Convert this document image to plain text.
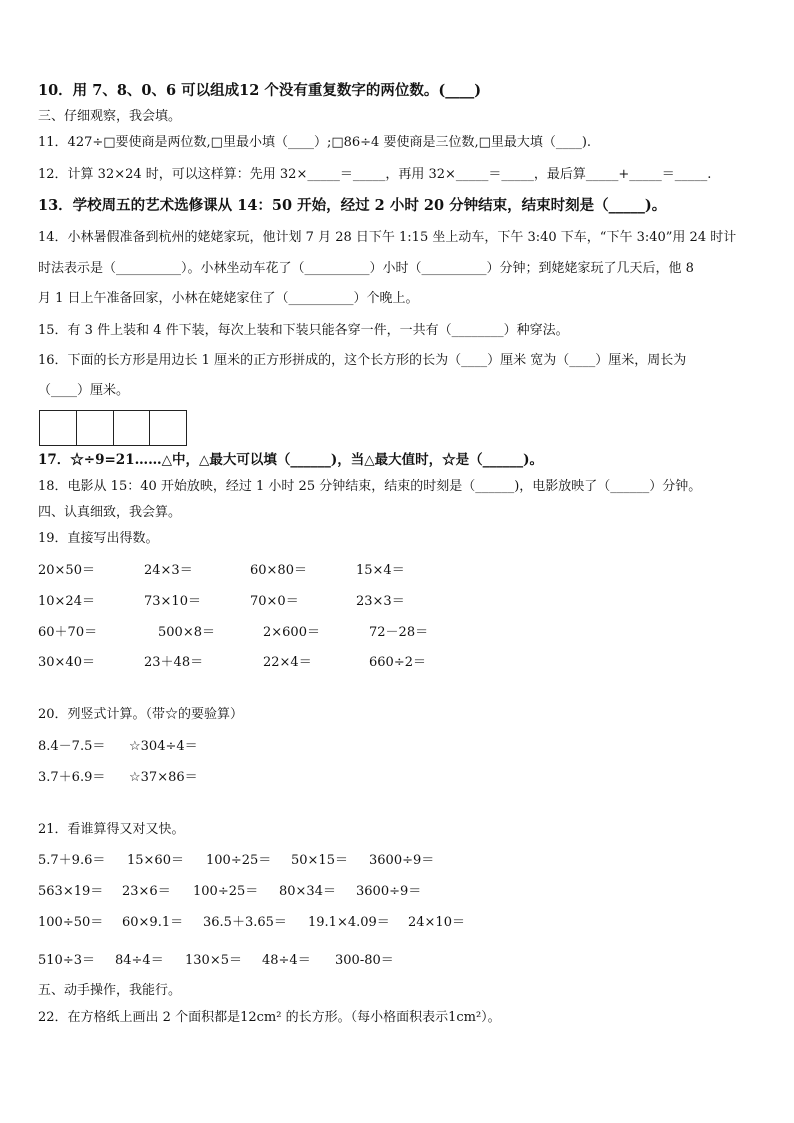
10．用 7、8、0、6 可以组成12 个没有重复数字的两位数。(____)
三、仔细观察，我会填。
11．427÷□要使商是两位数,□里最小填（____）;□86÷4 要使商是三位数,□里最大填（____).
12．计算 32×24 时，可以这样算：先用 32×_____＝_____，再用 32×_____＝_____，最后算_____+_____＝_____.
13．学校周五的艺术选修课从 14：50 开始，经过 2 小时 20 分钟结束，结束时刻是（_____)。
14．小林暑假准备到杭州的姥姥家玩，他计划 7 月 28 日下午 1:15 坐上动车，下午 3:40 下车，“下午 3:40”用 24 时计
时法表示是（__________）。小林坐动车花了（__________）小时（__________）分钟；到姥姥家玩了几天后，他 8
月 1 日上午准备回家，小林在姥姥家住了（__________）个晚上。
15．有 3 件上装和 4 件下装，每次上装和下装只能各穿一件，一共有（________）种穿法。
16．下面的长方形是用边长 1 厘米的正方形拼成的，这个长方形的长为（____）厘米 宽为（____）厘米，周长为
（____）厘米。
17．☆÷9=21……△中，△最大可以填（______)，当△最大值时，☆是（______)。
18．电影从 15：40 开始放映，经过 1 小时 25 分钟结束，结束的时刻是（______)，电影放映了（______）分钟。
四、认真细致，我会算。
19．直接写出得数。
20×50＝	24×3＝	60×80＝	15×4＝
10×24＝	73×10＝	70×0＝	23×3＝
60＋70＝	500×8＝	2×600＝	72－28＝
30×40＝	23＋48＝	22×4＝	660÷2＝
20．列竖式计算。（带☆的要验算）
8.4－7.5＝ ☆304÷4＝
3.7＋6.9＝ ☆37×86＝
21．看谁算得又对又快。
5.7＋9.6＝ 15×60＝ 100÷25＝ 50×15＝ 3600÷9＝
563×19＝ 23×6＝ 100÷25＝ 80×34＝ 3600÷9＝
100÷50＝ 60×9.1＝ 36.5＋3.65＝ 19.1×4.09＝ 24×10＝
510÷3＝ 84÷4＝ 130×5＝ 48÷4＝ 300-80＝
五、动手操作，我能行。
22．在方格纸上画出 2 个面积都是12cm² 的长方形。（每小格面积表示1cm²）。
